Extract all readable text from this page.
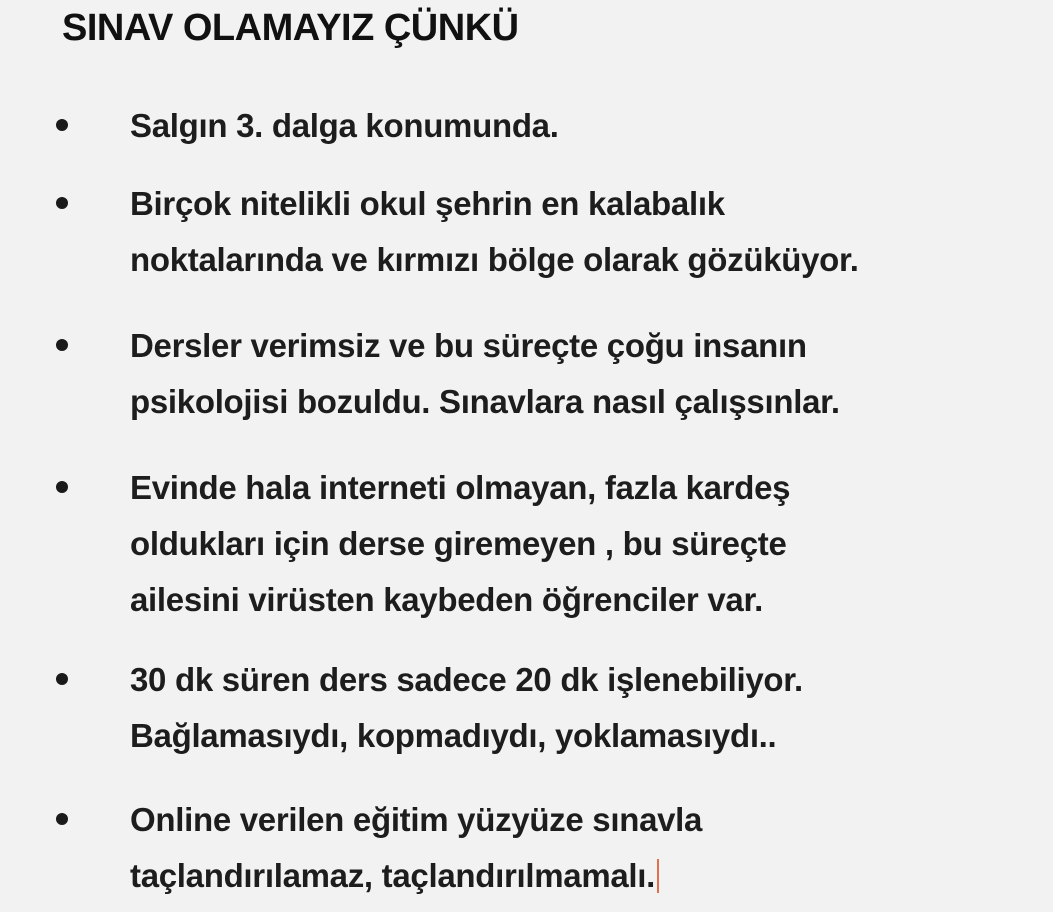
SINAV OLAMAYIZ ÇÜNKÜ
Salgın 3. dalga konumunda.
Birçok nitelikli okul şehrin en kalabalık
noktalarında ve kırmızı bölge olarak gözüküyor.
Dersler verimsiz ve bu süreçte çoğu insanın
psikolojisi bozuldu. Sınavlara nasıl çalışsınlar.
Evinde hala interneti olmayan, fazla kardeş
oldukları için derse giremeyen , bu süreçte
ailesini virüsten kaybeden öğrenciler var.
30 dk süren ders sadece 20 dk işlenebiliyor.
Bağlamasıydı, kopmadıydı, yoklamasıydı..
Online verilen eğitim yüzyüze sınavla
taçlandırılamaz, taçlandırılmamalı.
